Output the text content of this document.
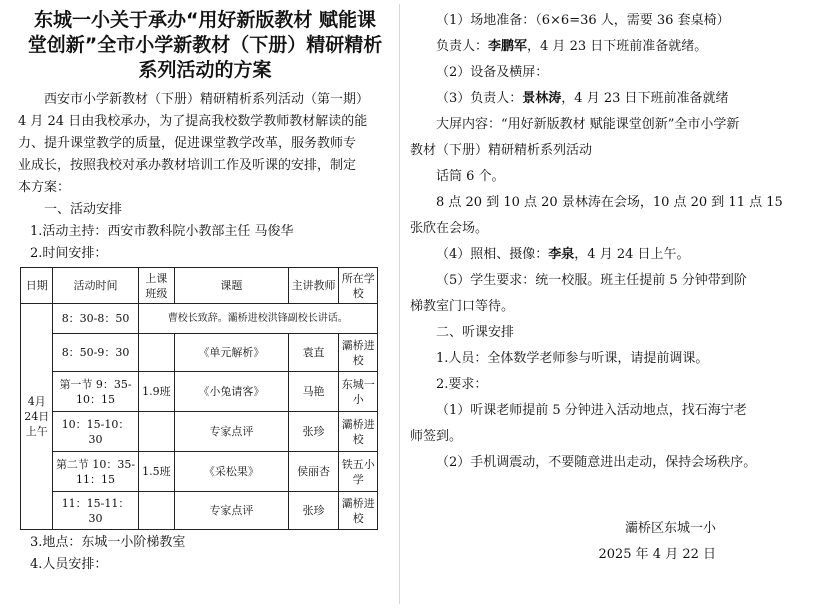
东城一小关于承办“用好新版教材 赋能课
堂创新”全市小学新教材（下册）精研精析
系列活动的方案

西安市小学新教材（下册）精研精析系列活动（第一期）

4 月 24 日由我校承办，为了提高我校数学教师教材解读的能

力、提升课堂教学的质量，促进课堂教学改革，服务教师专

业成长，按照我校对承办教材培训工作及听课的安排，制定

本方案：

一、活动安排

1.活动主持：西安市教科院小教部主任 马俊华

2.时间安排：

日期	活动时间	上课班级	课题	主讲教师	所在学校
4月24日上午	8：30-8：50	曹校长致辞。灞桥进校洪锋副校长讲话。			
	8：50-9：30		《单元解析》	袁直	灞桥进校
	第一节 9：35-10：15	1.9班	《小兔请客》	马艳	东城一小
	10：15-10：30		专家点评	张珍	灞桥进校
	第二节 10：35-11：15	1.5班	《采松果》	侯丽杏	铁五小学
	11：15-11：30		专家点评	张珍	灞桥进校

3.地点：东城一小阶梯教室

4.人员安排：

（1）场地准备：（6×6=36 人，需要 36 套桌椅）

负责人：李鹏军，4 月 23 日下班前准备就绪。

（2）设备及横屏：

（3）负责人：景林涛，4 月 23 日下班前准备就绪

大屏内容：“用好新版教材 赋能课堂创新”全市小学新

教材（下册）精研精析系列活动

话筒 6 个。

8 点 20 到 10 点 20 景林涛在会场，10 点 20 到 11 点 15

张欣在会场。

（4）照相、摄像：李泉，4 月 24 日上午。

（5）学生要求：统一校服。班主任提前 5 分钟带到阶

梯教室门口等待。

二、听课安排

1.人员：全体数学老师参与听课，请提前调课。

2.要求：

（1）听课老师提前 5 分钟进入活动地点，找石海宁老

师签到。

（2）手机调震动，不要随意进出走动，保持会场秩序。

灞桥区东城一小

2025 年 4 月 22 日
